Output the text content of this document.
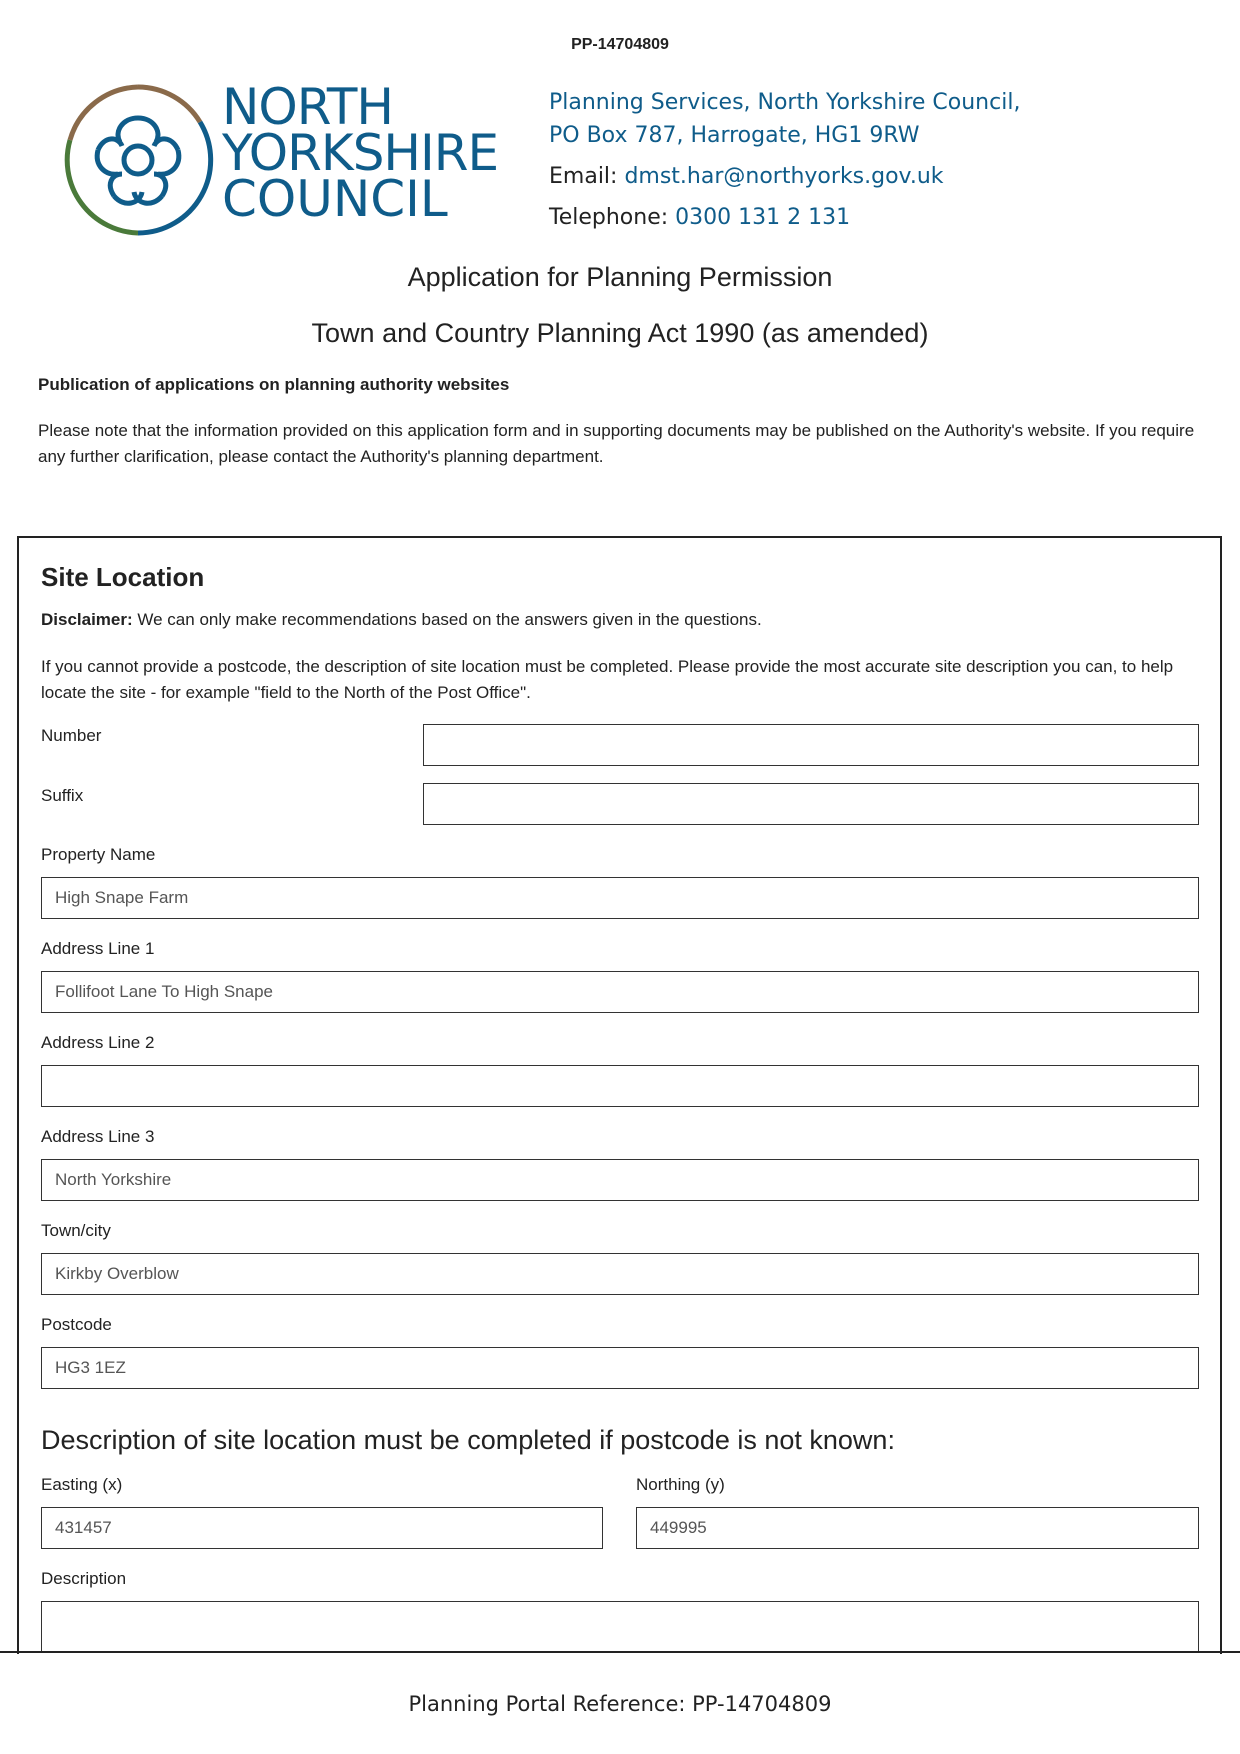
PP-14704809
NORTH
YORKSHIRE
COUNCIL
Planning Services, North Yorkshire Council,
PO Box 787, Harrogate, HG1 9RW
Email: dmst.har@northyorks.gov.uk
Telephone: 0300 131 2 131
Application for Planning Permission
Town and Country Planning Act 1990 (as amended)
Publication of applications on planning authority websites
Please note that the information provided on this application form and in supporting documents may be published on the Authority's website. If you require any further clarification, please contact the Authority's planning department.
Site Location
Disclaimer: We can only make recommendations based on the answers given in the questions.
If you cannot provide a postcode, the description of site location must be completed. Please provide the most accurate site description you can, to help locate the site - for example "field to the North of the Post Office".
Number
Suffix
Property Name
High Snape Farm
Address Line 1
Follifoot Lane To High Snape
Address Line 2
Address Line 3
North Yorkshire
Town/city
Kirkby Overblow
Postcode
HG3 1EZ
Description of site location must be completed if postcode is not known:
Easting (x)
431457
Northing (y)
449995
Description
Planning Portal Reference: PP-14704809
